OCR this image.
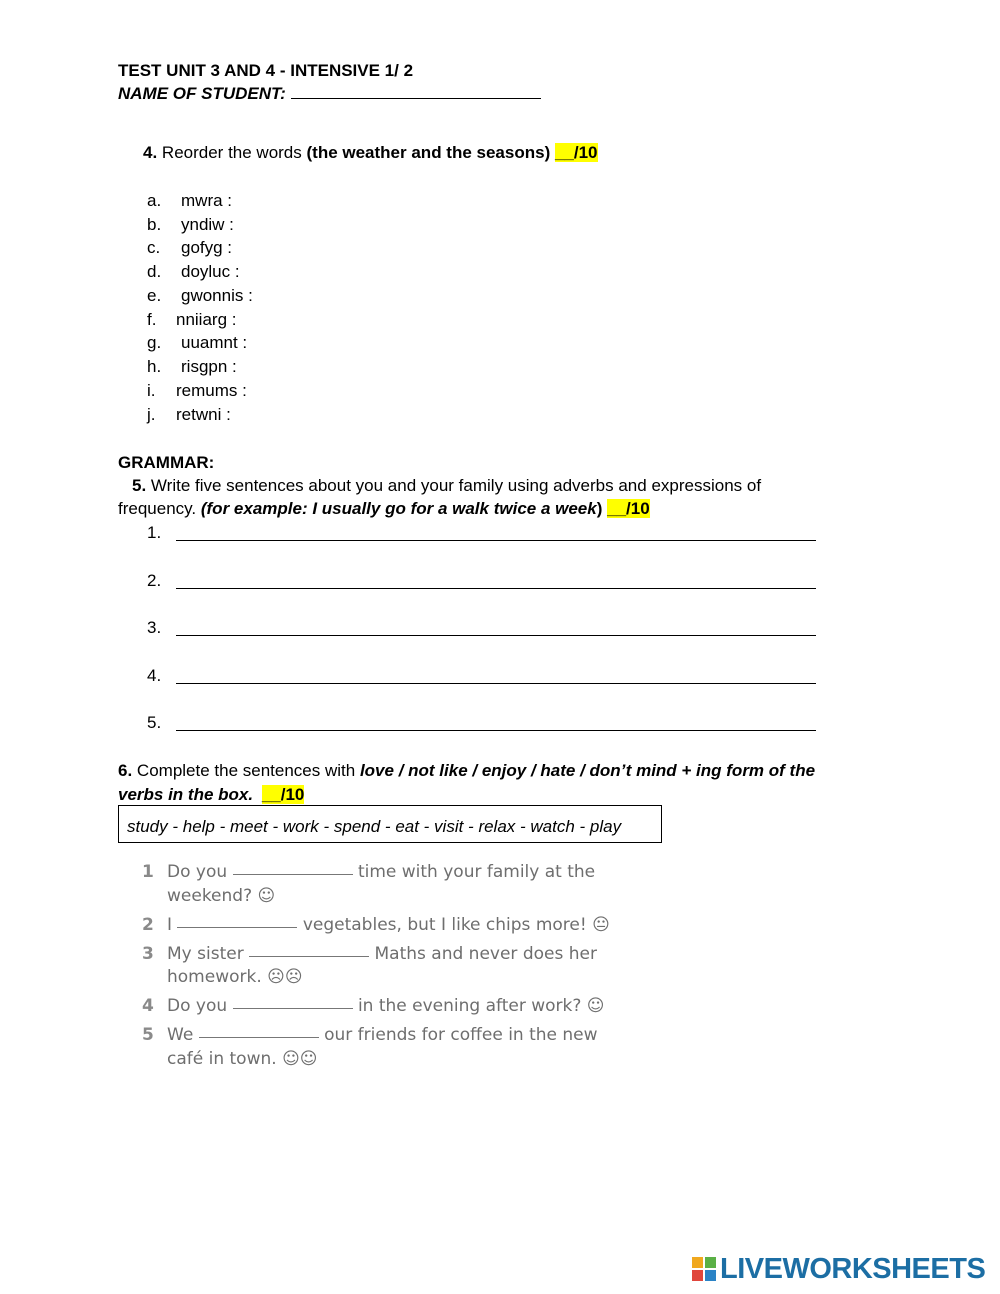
TEST UNIT 3 AND 4 - INTENSIVE 1/ 2
NAME OF STUDENT:
4. Reorder the words (the weather and the seasons) __/10
a. mwra :
b. yndiw :
c. gofyg :
d. doyluc :
e. gwonnis :
f. nniiarg :
g. uuamnt :
h. risgpn :
i. remums :
j. retwni :
GRAMMAR:
5. Write five sentences about you and your family using adverbs and expressions of
frequency. (for example: I usually go for a walk twice a week) __/10
1.
2.
3.
4.
5.
6. Complete the sentences with love / not like / enjoy / hate / don’t mind + ing form of the
verbs in the box. __/10
study - help - meet - work - spend - eat - visit - relax - watch - play
1 Do you	time with your family at the
weekend? ☺
2 I	vegetables, but I like chips more! 😐
3 My sister	Maths and never does her
homework. ☹☹
4 Do you	in the evening after work? ☺
5 We	our friends for coffee in the new
café in town. ☺☺
LIVEWORKSHEETS
